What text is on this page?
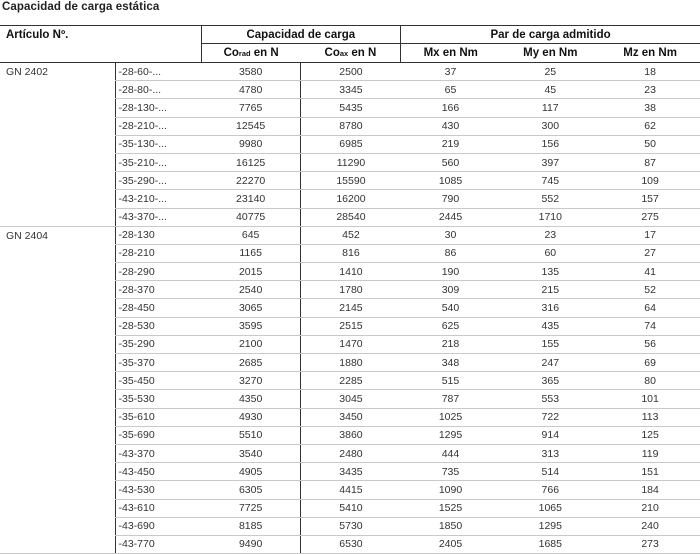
Capacidad de carga estática
Artículo Nº.		Capacidad de carga		Par de carga admitido		
		Corad en N	Coax en N	Mx en Nm	My en Nm	Mz en Nm
GN 2402	-28-60-...	3580	2500	37	25	18
	-28-80-...	4780	3345	65	45	23
	-28-130-...	7765	5435	166	117	38
	-28-210-...	12545	8780	430	300	62
	-35-130-...	9980	6985	219	156	50
	-35-210-...	16125	11290	560	397	87
	-35-290-...	22270	15590	1085	745	109
	-43-210-...	23140	16200	790	552	157
	-43-370-...	40775	28540	2445	1710	275
GN 2404	-28-130	645	452	30	23	17
	-28-210	1165	816	86	60	27
	-28-290	2015	1410	190	135	41
	-28-370	2540	1780	309	215	52
	-28-450	3065	2145	540	316	64
	-28-530	3595	2515	625	435	74
	-35-290	2100	1470	218	155	56
	-35-370	2685	1880	348	247	69
	-35-450	3270	2285	515	365	80
	-35-530	4350	3045	787	553	101
	-35-610	4930	3450	1025	722	113
	-35-690	5510	3860	1295	914	125
	-43-370	3540	2480	444	313	119
	-43-450	4905	3435	735	514	151
	-43-530	6305	4415	1090	766	184
	-43-610	7725	5410	1525	1065	210
	-43-690	8185	5730	1850	1295	240
	-43-770	9490	6530	2405	1685	273
